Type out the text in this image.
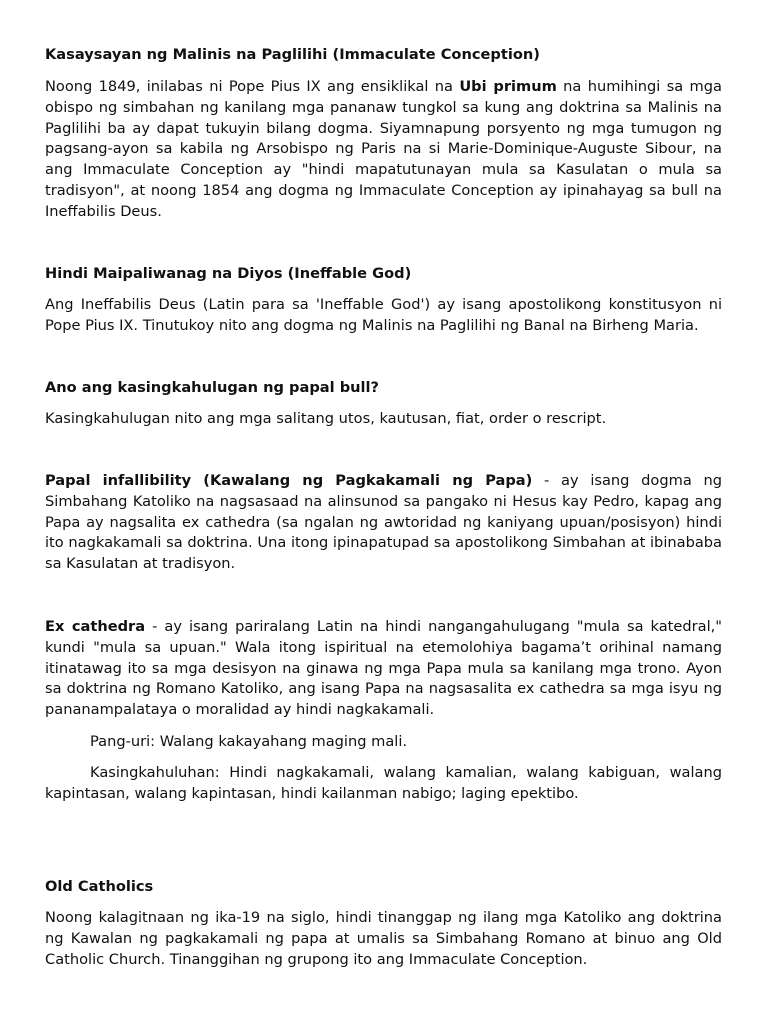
Kasaysayan ng Malinis na Paglilihi (Immaculate Conception)

Noong 1849, inilabas ni Pope Pius IX ang ensiklikal na Ubi primum na humihingi sa mga obispo ng simbahan ng kanilang mga pananaw tungkol sa kung ang doktrina sa Malinis na Paglilihi ba ay dapat tukuyin bilang dogma. Siyamnapung porsyento ng mga tumugon ng pagsang-ayon sa kabila ng Arsobispo ng Paris na si Marie-Dominique-Auguste Sibour, na ang Immaculate Conception ay "hindi mapatutunayan mula sa Kasulatan o mula sa tradisyon", at noong 1854 ang dogma ng Immaculate Conception ay ipinahayag sa bull na Ineffabilis Deus.

Hindi Maipaliwanag na Diyos (Ineffable God)

Ang Ineffabilis Deus (Latin para sa 'Ineffable God') ay isang apostolikong konstitusyon ni Pope Pius IX. Tinutukoy nito ang dogma ng Malinis na Paglilihi ng Banal na Birheng Maria.

Ano ang kasingkahulugan ng papal bull?

Kasingkahulugan nito ang mga salitang utos, kautusan, fiat, order o rescript.

Papal infallibility (Kawalang ng Pagkakamali ng Papa) - ay isang dogma ng Simbahang Katoliko na nagsasaad na alinsunod sa pangako ni Hesus kay Pedro, kapag ang Papa ay nagsalita ex cathedra (sa ngalan ng awtoridad ng kaniyang upuan/posisyon) hindi ito nagkakamali sa doktrina. Una itong ipinapatupad sa apostolikong Simbahan at ibinababa sa Kasulatan at tradisyon.

Ex cathedra - ay isang pariralang Latin na hindi nangangahulugang "mula sa katedral," kundi "mula sa upuan." Wala itong ispiritual na etemolohiya bagama’t orihinal namang itinatawag ito sa mga desisyon na ginawa ng mga Papa mula sa kanilang mga trono. Ayon sa doktrina ng Romano Katoliko, ang isang Papa na nagsasalita ex cathedra sa mga isyu ng pananampalataya o moralidad ay hindi nagkakamali.

Pang-uri: Walang kakayahang maging mali.

Kasingkahuluhan: Hindi nagkakamali, walang kamalian, walang kabiguan, walang kapintasan, walang kapintasan, hindi kailanman nabigo; laging epektibo.

Old Catholics

Noong kalagitnaan ng ika-19 na siglo, hindi tinanggap ng ilang mga Katoliko ang doktrina ng Kawalan ng pagkakamali ng papa at umalis sa Simbahang Romano at binuo ang Old Catholic Church. Tinanggihan ng grupong ito ang Immaculate Conception.
